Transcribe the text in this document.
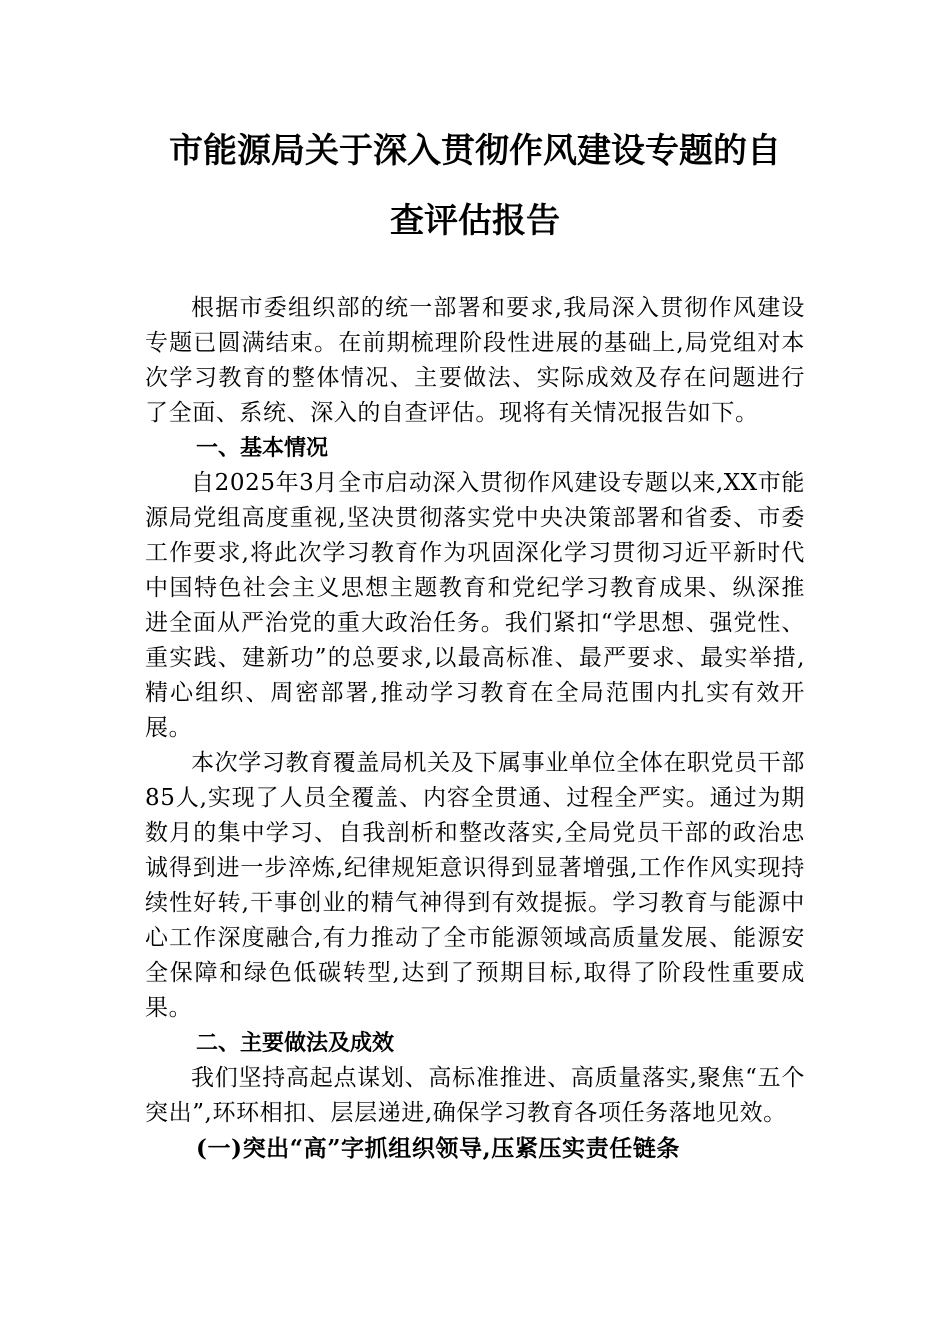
市能源局关于深入贯彻作风建设专题的自
查评估报告

根据市委组织部的统一部署和要求,我局深入贯彻作风建设专题已圆满结束。在前期梳理阶段性进展的基础上,局党组对本次学习教育的整体情况、主要做法、实际成效及存在问题进行了全面、系统、深入的自查评估。现将有关情况报告如下。

一、基本情况

自2025年3月全市启动深入贯彻作风建设专题以来,XX市能源局党组高度重视,坚决贯彻落实党中央决策部署和省委、市委工作要求,将此次学习教育作为巩固深化学习贯彻习近平新时代中国特色社会主义思想主题教育和党纪学习教育成果、纵深推进全面从严治党的重大政治任务。我们紧扣“学思想、强党性、重实践、建新功”的总要求,以最高标准、最严要求、最实举措,精心组织、周密部署,推动学习教育在全局范围内扎实有效开展。

本次学习教育覆盖局机关及下属事业单位全体在职党员干部85人,实现了人员全覆盖、内容全贯通、过程全严实。通过为期数月的集中学习、自我剖析和整改落实,全局党员干部的政治忠诚得到进一步淬炼,纪律规矩意识得到显著增强,工作作风实现持续性好转,干事创业的精气神得到有效提振。学习教育与能源中心工作深度融合,有力推动了全市能源领域高质量发展、能源安全保障和绿色低碳转型,达到了预期目标,取得了阶段性重要成果。

二、主要做法及成效

我们坚持高起点谋划、高标准推进、高质量落实,聚焦“五个突出”,环环相扣、层层递进,确保学习教育各项任务落地见效。

(一)突出“高”字抓组织领导,压紧压实责任链条
